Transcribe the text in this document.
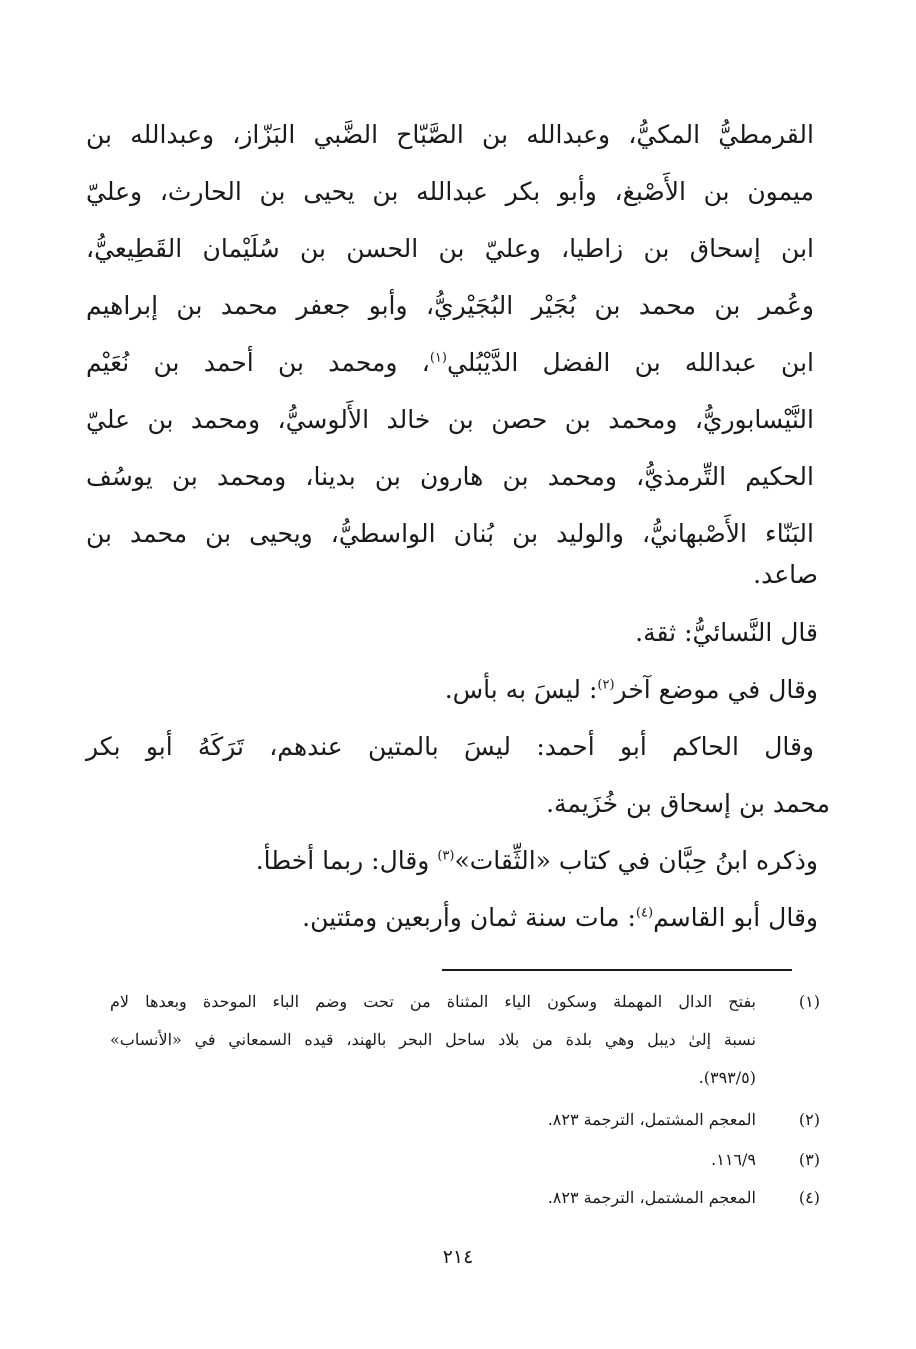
القرمطيُّ المكيُّ، وعبدالله بن الصَّبّاح الضَّبي البَزّاز، وعبدالله بن
ميمون بن الأَصْبغ، وأبو بكر عبدالله بن يحيى بن الحارث، وعليّ
ابن إسحاق بن زاطيا، وعليّ بن الحسن بن سُلَيْمان القَطِيعيُّ،
وعُمر بن محمد بن بُجَيْر البُجَيْريُّ، وأبو جعفر محمد بن إبراهيم
ابن عبدالله بن الفضل الدَّيْبُلي$^{(١)}$، ومحمد بن أحمد بن نُعَيْم
النَّيْسابوريُّ، ومحمد بن حصن بن خالد الأَلوسيُّ، ومحمد بن عليّ
الحكيم التِّرمذيُّ، ومحمد بن هارون بن بدينا، ومحمد بن يوسُف
البَنّاء الأَصْبهانيُّ، والوليد بن بُنان الواسطيُّ، ويحيى بن محمد بن
صاعد.
قال النَّسائيُّ: ثقة.
وقال في موضع آخر$^{(٢)}$: ليسَ به بأس.
وقال الحاكم أبو أحمد: ليسَ بالمتين عندهم، تَرَكَهُ أبو بكر
محمد بن إسحاق بن خُزَيمة.
وذكره ابنُ حِبَّان في كتاب «الثِّقات»$^{(٣)}$ وقال: ربما أخطأ.
وقال أبو القاسم$^{(٤)}$: مات سنة ثمان وأربعين ومئتين.
(١)
بفتح الدال المهملة وسكون الياء المثناة من تحت وضم الباء الموحدة وبعدها لام
نسبة إلىٰ ديبل وهي بلدة من بلاد ساحل البحر بالهند، قيده السمعاني في «الأنساب»
(٣٩٣/٥).
(٢)
المعجم المشتمل، الترجمة ٨٢٣.
(٣)
١١٦/٩.
(٤)
المعجم المشتمل، الترجمة ٨٢٣.
٢١٤
